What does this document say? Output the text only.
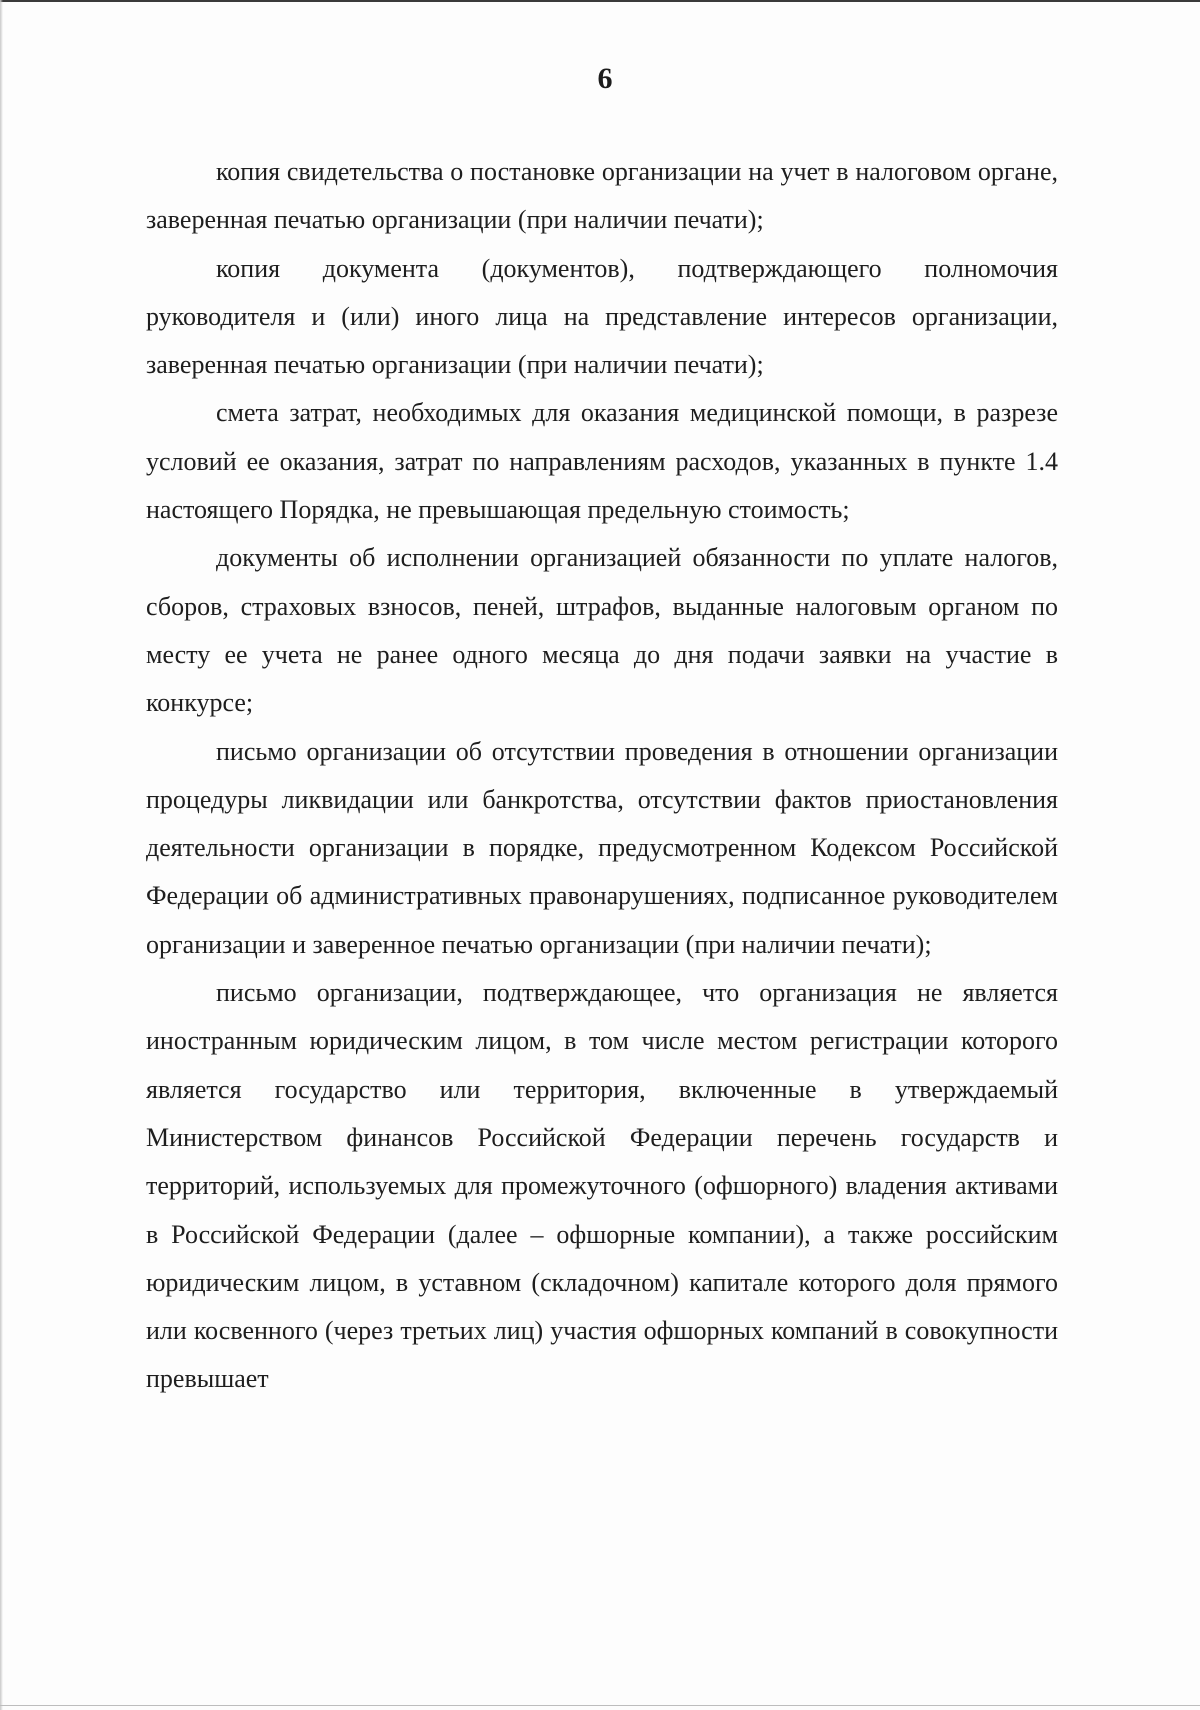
6

копия свидетельства о постановке организации на учет в налоговом органе, заверенная печатью организации (при наличии печати);

копия документа (документов), подтверждающего полномочия руководителя и (или) иного лица на представление интересов организации, заверенная печатью организации (при наличии печати);

смета затрат, необходимых для оказания медицинской помощи, в разрезе условий ее оказания, затрат по направлениям расходов, указанных в пункте 1.4 настоящего Порядка, не превышающая предельную стоимость;

документы об исполнении организацией обязанности по уплате налогов, сборов, страховых взносов, пеней, штрафов, выданные налоговым органом по месту ее учета не ранее одного месяца до дня подачи заявки на участие в конкурсе;

письмо организации об отсутствии проведения в отношении организации процедуры ликвидации или банкротства, отсутствии фактов приостановления деятельности организации в порядке, предусмотренном Кодексом Российской Федерации об административных правонарушениях, подписанное руководителем организации и заверенное печатью организации (при наличии печати);

письмо организации, подтверждающее, что организация не является иностранным юридическим лицом, в том числе местом регистрации которого является государство или территория, включенные в утверждаемый Министерством финансов Российской Федерации перечень государств и территорий, используемых для промежуточного (офшорного) владения активами в Российской Федерации (далее – офшорные компании), а также российским юридическим лицом, в уставном (складочном) капитале которого доля прямого или косвенного (через третьих лиц) участия офшорных компаний в совокупности превышает
